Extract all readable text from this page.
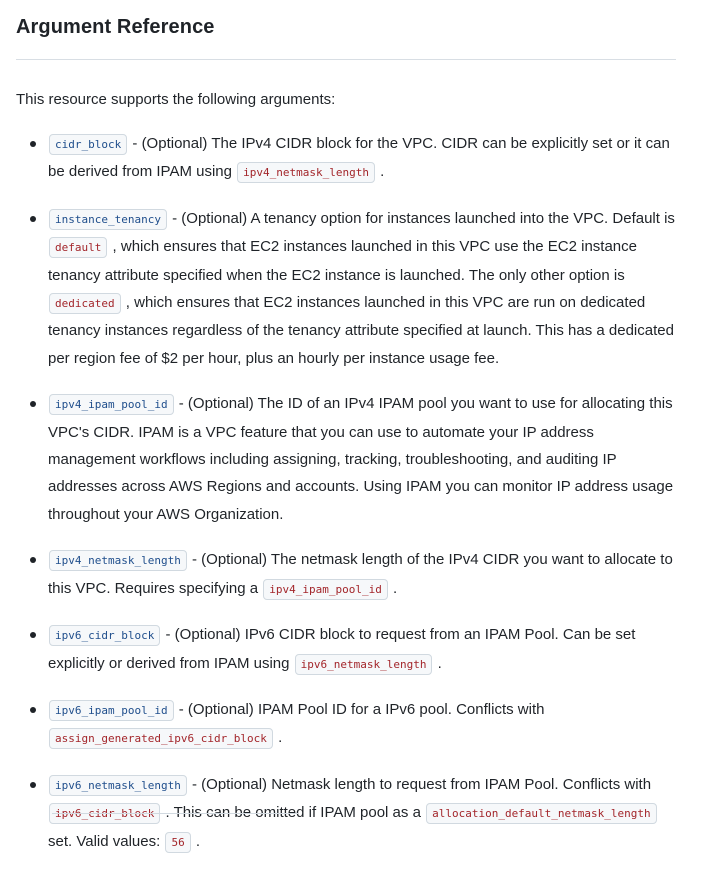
Argument Reference

This resource supports the following arguments:

cidr_block - (Optional) The IPv4 CIDR block for the VPC. CIDR can be explicitly set or it can be derived from IPAM using ipv4_netmask_length .
instance_tenancy - (Optional) A tenancy option for instances launched into the VPC. Default is default , which ensures that EC2 instances launched in this VPC use the EC2 instance tenancy attribute specified when the EC2 instance is launched. The only other option is dedicated , which ensures that EC2 instances launched in this VPC are run on dedicated tenancy instances regardless of the tenancy attribute specified at launch. This has a dedicated per region fee of $2 per hour, plus an hourly per instance usage fee.
ipv4_ipam_pool_id - (Optional) The ID of an IPv4 IPAM pool you want to use for allocating this VPC's CIDR. IPAM is a VPC feature that you can use to automate your IP address management workflows including assigning, tracking, troubleshooting, and auditing IP addresses across AWS Regions and accounts. Using IPAM you can monitor IP address usage throughout your AWS Organization.
ipv4_netmask_length - (Optional) The netmask length of the IPv4 CIDR you want to allocate to this VPC. Requires specifying a ipv4_ipam_pool_id .
ipv6_cidr_block - (Optional) IPv6 CIDR block to request from an IPAM Pool. Can be set explicitly or derived from IPAM using ipv6_netmask_length .
ipv6_ipam_pool_id - (Optional) IPAM Pool ID for a IPv6 pool. Conflicts with assign_generated_ipv6_cidr_block .
ipv6_netmask_length - (Optional) Netmask length to request from IPAM Pool. Conflicts with ipv6_cidr_block . This can be omitted if IPAM pool as a allocation_default_netmask_length set. Valid values: 56 .
